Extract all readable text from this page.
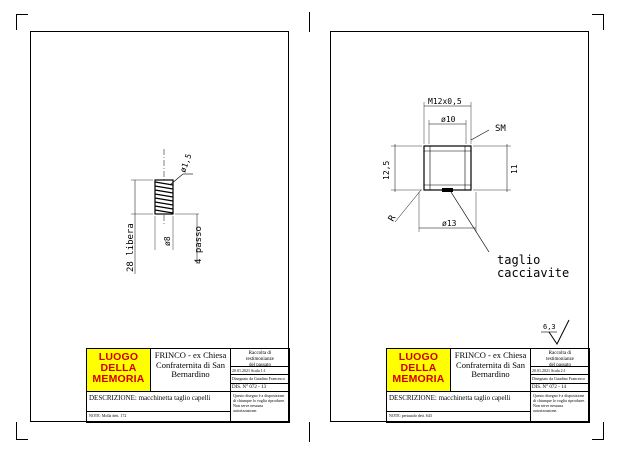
ø1,5
28 libera	ø8 4 passo
LUOGO
DELLA
MEMORIA
FRINCO - ex Chiesa
Confraternita di San
Bernardino
Raccolta di
testimonianze
del passato
20.01.2021 Scala 1:1
Disegnato da Gaudino Francesco
DIS. N° 072 - 13
DESCRIZIONE: macchinetta taglio capelli	Questo disegno è a disposizione di chiunque lo voglia riprodurre. Non serve nessuna autorizzazione.
NOTE: Molla dett. 172
M12x0,5
ø10
SM
12,5	11
R	ø13
taglio
cacciavite
6,3
LUOGO
DELLA
MEMORIA
FRINCO - ex Chiesa
Confraternita di San
Bernardino
Raccolta di
testimonianze
del passato
20.01.2021 Scala 2:1
Disegnato da Gaudino Francesco
DIS. N° 072 - 14
DESCRIZIONE: macchinetta taglio capelli	Questo disegno è a disposizione di chiunque lo voglia riprodurre. Non serve nessuna autorizzazione.
NOTE: pertauolo dett. 643
